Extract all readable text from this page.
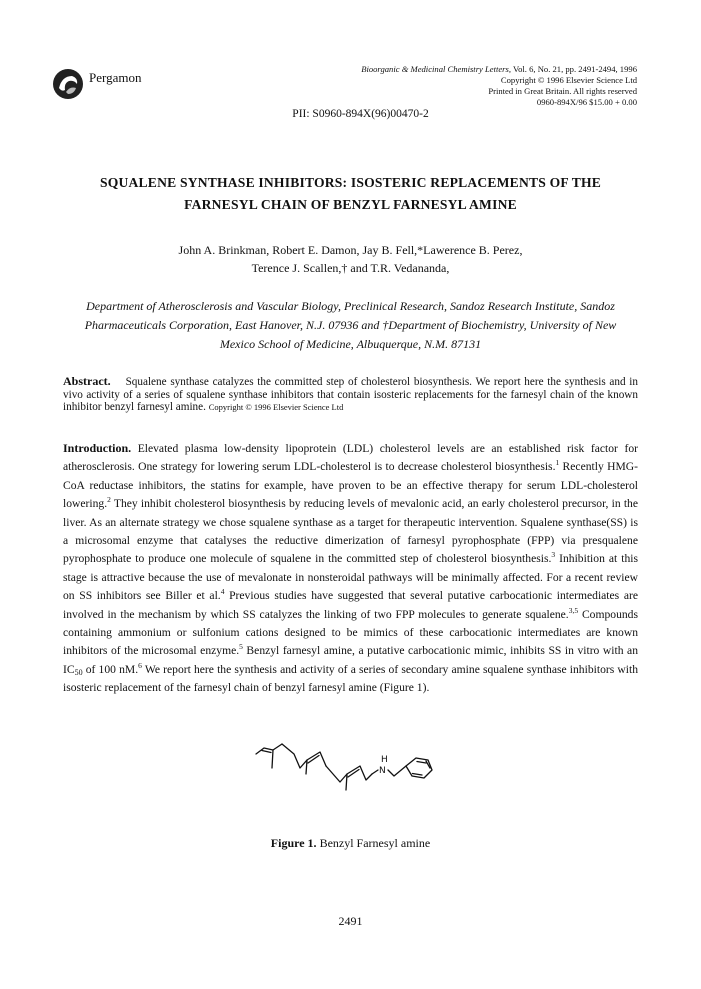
Pergamon
Bioorganic & Medicinal Chemistry Letters, Vol. 6, No. 21, pp. 2491-2494, 1996
Copyright © 1996 Elsevier Science Ltd
Printed in Great Britain. All rights reserved
0960-894X/96 $15.00 + 0.00
PII: S0960-894X(96)00470-2
SQUALENE SYNTHASE INHIBITORS: ISOSTERIC REPLACEMENTS OF THE
FARNESYL CHAIN OF BENZYL FARNESYL AMINE
John A. Brinkman, Robert E. Damon, Jay B. Fell,*Lawerence B. Perez,
Terence J. Scallen,† and T.R. Vedananda,
Department of Atherosclerosis and Vascular Biology, Preclinical Research, Sandoz Research Institute, Sandoz
Pharmaceuticals Corporation, East Hanover, N.J. 07936 and †Department of Biochemistry, University of New
Mexico School of Medicine, Albuquerque, N.M. 87131
Abstract. Squalene synthase catalyzes the committed step of cholesterol biosynthesis. We report here the synthesis and in vivo activity of a series of squalene synthase inhibitors that contain isosteric replacements for the farnesyl chain of the known inhibitor benzyl farnesyl amine. Copyright © 1996 Elsevier Science Ltd
Introduction. Elevated plasma low-density lipoprotein (LDL) cholesterol levels are an established risk factor for atherosclerosis. One strategy for lowering serum LDL-cholesterol is to decrease cholesterol biosynthesis.$^1$ Recently HMG-CoA reductase inhibitors, the statins for example, have proven to be an effective therapy for serum LDL-cholesterol lowering.$^2$ They inhibit cholesterol biosynthesis by reducing levels of mevalonic acid, an early cholesterol precursor, in the liver. As an alternate strategy we chose squalene synthase as a target for therapeutic intervention. Squalene synthase(SS) is a microsomal enzyme that catalyses the reductive dimerization of farnesyl pyrophosphate (FPP) via presqualene pyrophosphate to produce one molecule of squalene in the committed step of cholesterol biosynthesis.$^3$ Inhibition at this stage is attractive because the use of mevalonate in nonsteroidal pathways will be minimally affected. For a recent review on SS inhibitors see Biller et al.$^4$ Previous studies have suggested that several putative carbocationic intermediates are involved in the mechanism by which SS catalyzes the linking of two FPP molecules to generate squalene.$^{3,5}$ Compounds containing ammonium or sulfonium cations designed to be mimics of these carbocationic intermediates are known inhibitors of the microsomal enzyme.$^5$ Benzyl farnesyl amine, a putative carbocationic mimic, inhibits SS in vitro with an $IC_{50}$ of 100 nM.$^6$ We report here the synthesis and activity of a series of secondary amine squalene synthase inhibitors with isosteric replacement of the farnesyl chain of benzyl farnesyl amine (Figure 1).
H
N
Figure 1. Benzyl Farnesyl amine
2491
